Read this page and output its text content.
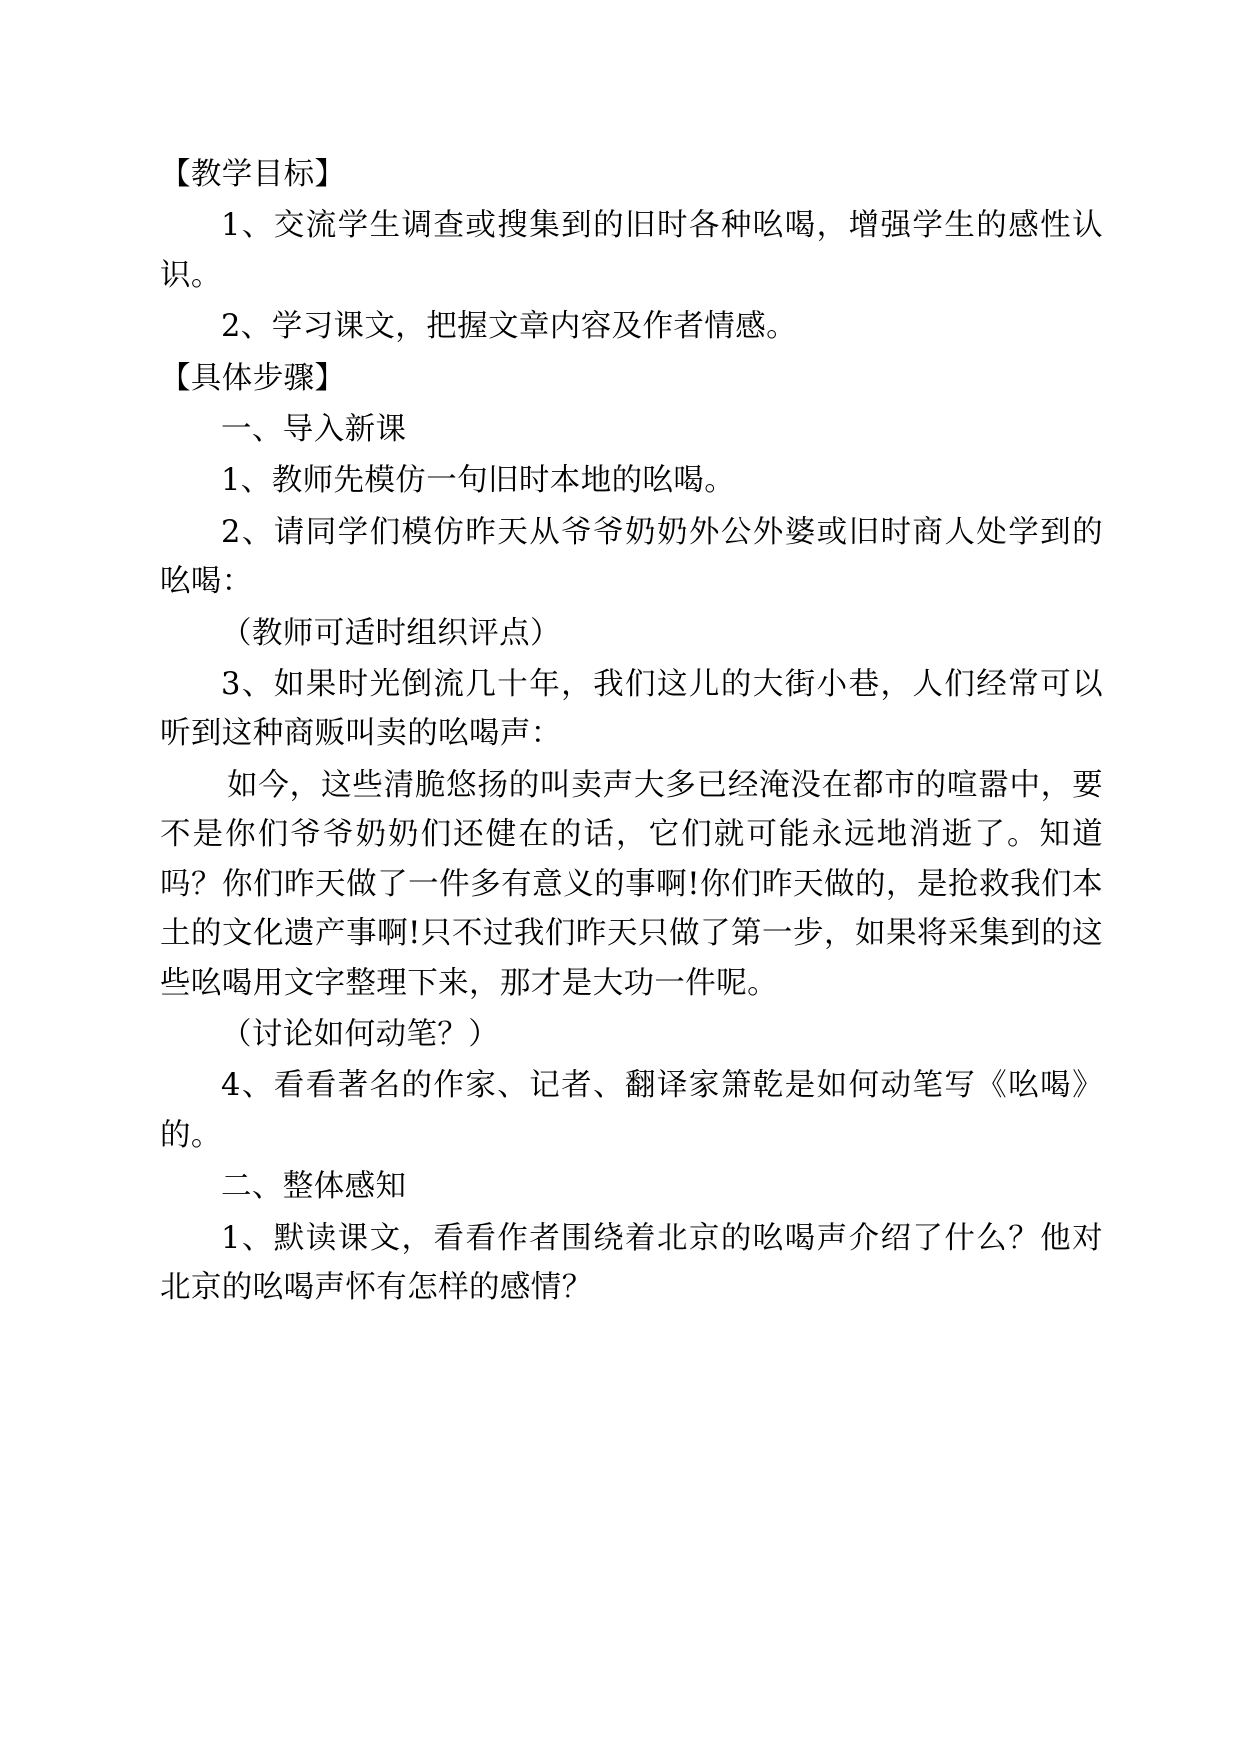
【教学目标】

1、交流学生调查或搜集到的旧时各种吆喝，增强学生的感性认识。

2、学习课文，把握文章内容及作者情感。

【具体步骤】

一、导入新课

1、教师先模仿一句旧时本地的吆喝。

2、请同学们模仿昨天从爷爷奶奶外公外婆或旧时商人处学到的吆喝：

（教师可适时组织评点）

3、如果时光倒流几十年，我们这儿的大街小巷，人们经常可以听到这种商贩叫卖的吆喝声：

如今，这些清脆悠扬的叫卖声大多已经淹没在都市的喧嚣中，要不是你们爷爷奶奶们还健在的话，它们就可能永远地消逝了。知道吗？你们昨天做了一件多有意义的事啊!你们昨天做的，是抢救我们本土的文化遗产事啊!只不过我们昨天只做了第一步，如果将采集到的这些吆喝用文字整理下来，那才是大功一件呢。

（讨论如何动笔？）

4、看看著名的作家、记者、翻译家箫乾是如何动笔写《吆喝》的。

二、整体感知

1、默读课文，看看作者围绕着北京的吆喝声介绍了什么？他对北京的吆喝声怀有怎样的感情？
